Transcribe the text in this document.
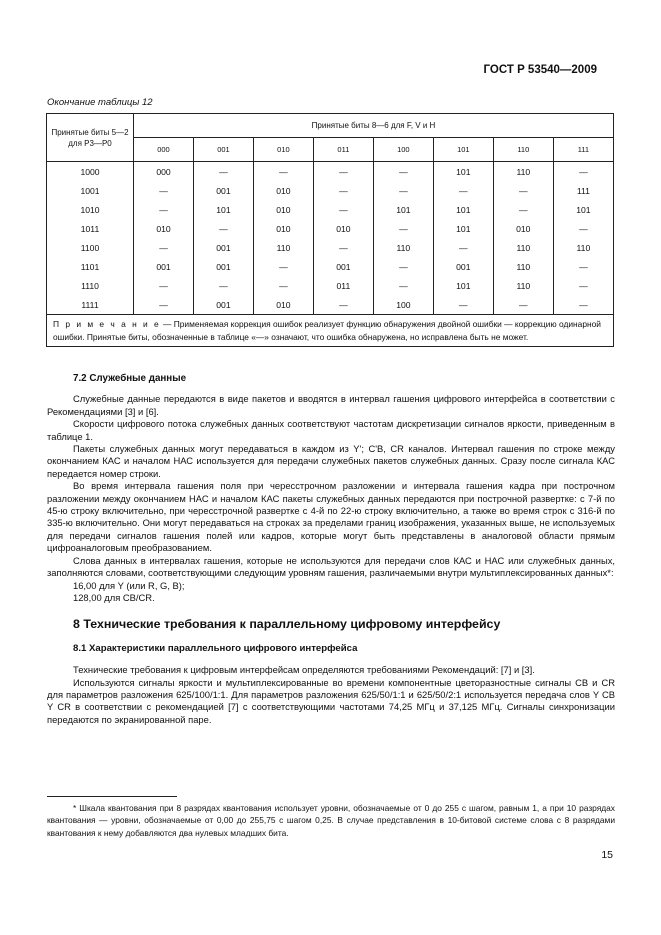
ГОСТ Р 53540—2009
Окончание таблицы 12
Принятые биты 5—2 для P3—P0	Принятые биты 8—6 для F, V и H							
	000	001	010	011	100	101	110	111
1000	000	—	—	—	—	101	110	—
1001	—	001	010	—	—	—	—	111
1010	—	101	010	—	101	101	—	101
1011	010	—	010	010	—	101	010	—
1100	—	001	110	—	110	—	110	110
1101	001	001	—	001	—	001	110	—
1110	—	—	—	011	—	101	110	—
1111	—	001	010	—	100	—	—	—
П р и м е ч а н и е — Применяемая коррекция ошибок реализует функцию обнаружения двойной ошибки — коррекцию одинарной ошибки. Принятые биты, обозначенные в таблице «—» означают, что ошибка обнаружена, но исправлена быть не может.								
7.2 Служебные данные

Служебные данные передаются в виде пакетов и вводятся в интервал гашения цифрового интерфейса в соответствии с Рекомендациями [3] и [6].

Скорости цифрового потока служебных данных соответствуют частотам дискретизации сигналов яркости, приведенным в таблице 1.

Пакеты служебных данных могут передаваться в каждом из Y'; C'B, CR каналов. Интервал гашения по строке между окончанием КАС и началом НАС используется для передачи служебных пакетов служебных данных. Сразу после сигнала КАС передается номер строки.

Во время интервала гашения поля при чересстрочном разложении и интервала гашения кадра при построчном разложении между окончанием НАС и началом КАС пакеты служебных данных передаются при построчной развертке: с 7-й по 45-ю строку включительно, при чересстрочной развертке с 4-й по 22-ю строку включительно, а также во время строк с 316-й по 335-ю включительно. Они могут передаваться на строках за пределами границ изображения, указанных выше, не используемых для передачи сигналов гашения полей или кадров, которые могут быть представлены в аналоговой области прямым цифроаналоговым преобразованием.

Слова данных в интервалах гашения, которые не используются для передачи слов КАС и НАС или служебных данных, заполняются словами, соответствующими следующим уровням гашения, различаемыми внутри мультиплексированных данных*:

16,00 для Y (или R, G, B);

128,00 для CB/CR.

8 Технические требования к параллельному цифровому интерфейсу
8.1 Характеристики параллельного цифрового интерфейса

Технические требования к цифровым интерфейсам определяются требованиями Рекомендаций: [7] и [3].

Используются сигналы яркости и мультиплексированные во времени компонентные цветоразностные сигналы CB и CR для параметров разложения 625/100/1:1. Для параметров разложения 625/50/1:1 и 625/50/2:1 используется передача слов Y CB Y CR в соответствии с рекомендацией [7] с соответствующими частотами 74,25 МГц и 37,125 МГц. Сигналы синхронизации передаются по экранированной паре.

* Шкала квантования при 8 разрядах квантования использует уровни, обозначаемые от 0 до 255 с шагом, равным 1, а при 10 разрядах квантования — уровни, обозначаемые от 0,00 до 255,75 с шагом 0,25. В случае представления в 10-битовой системе слова с 8 разрядами квантования к нему добавляются два нулевых младших бита.
15
